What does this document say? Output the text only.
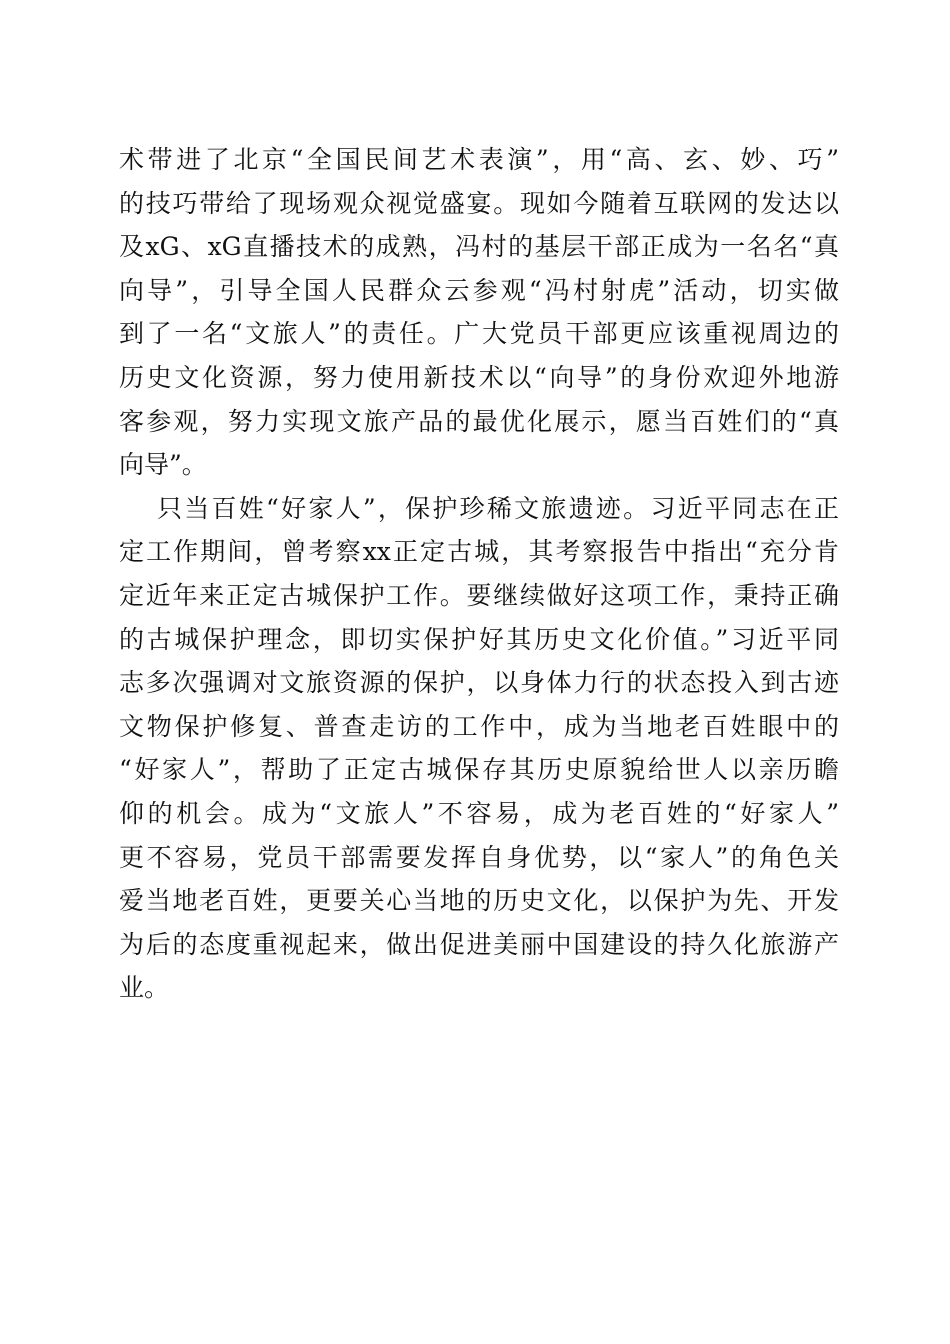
术带进了北京“全国民间艺术表演”，用“高、玄、妙、巧”
的技巧带给了现场观众视觉盛宴。现如今随着互联网的发达以
及xG、xG直播技术的成熟，冯村的基层干部正成为一名名“真
向导”，引导全国人民群众云参观“冯村射虎”活动，切实做
到了一名“文旅人”的责任。广大党员干部更应该重视周边的
历史文化资源，努力使用新技术以“向导”的身份欢迎外地游
客参观，努力实现文旅产品的最优化展示，愿当百姓们的“真
向导”。
只当百姓“好家人”，保护珍稀文旅遗迹。习近平同志在正
定工作期间，曾考察xx正定古城，其考察报告中指出“充分肯
定近年来正定古城保护工作。要继续做好这项工作，秉持正确
的古城保护理念，即切实保护好其历史文化价值。”习近平同
志多次强调对文旅资源的保护，以身体力行的状态投入到古迹
文物保护修复、普查走访的工作中，成为当地老百姓眼中的
“好家人”，帮助了正定古城保存其历史原貌给世人以亲历瞻
仰的机会。成为“文旅人”不容易，成为老百姓的“好家人”
更不容易，党员干部需要发挥自身优势，以“家人”的角色关
爱当地老百姓，更要关心当地的历史文化，以保护为先、开发
为后的态度重视起来，做出促进美丽中国建设的持久化旅游产
业。
